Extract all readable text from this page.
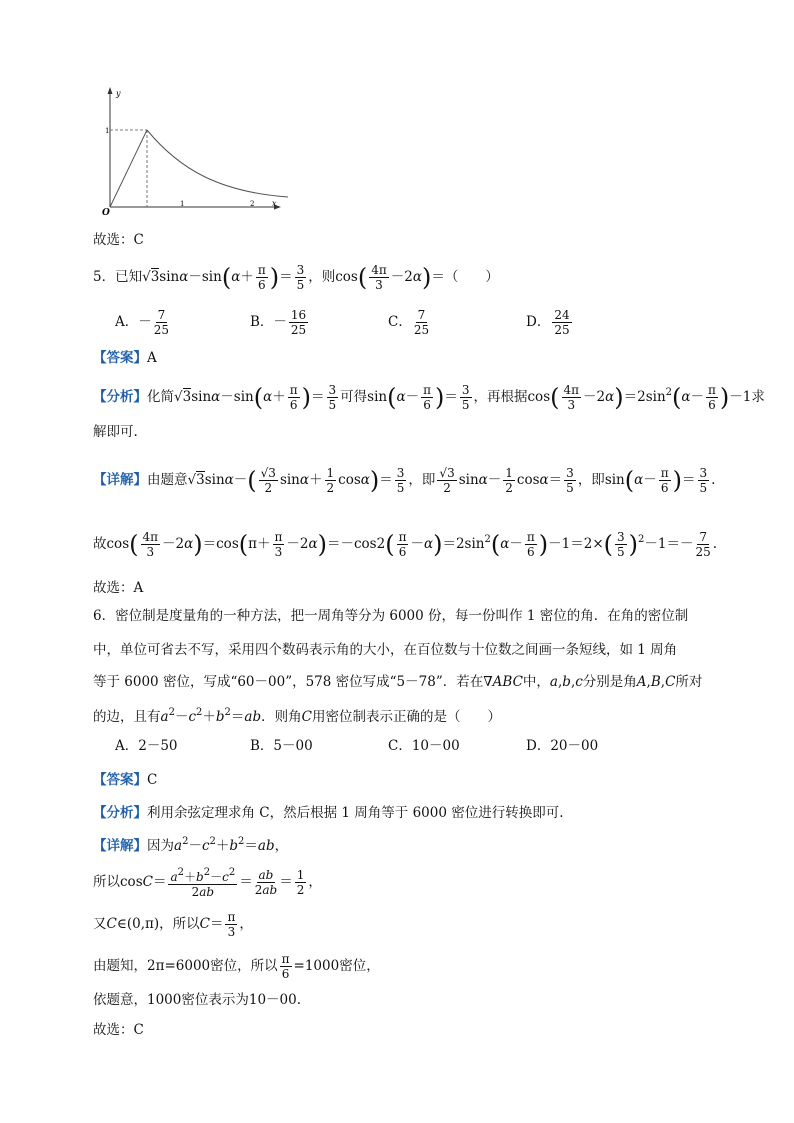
y
x
O
1
1	2
故选：C
5．已知$√3\sin\alpha-\sin(\alpha+ \frac{\pi}{6}$ )＝ $\frac{3}{5}$ ，则$\cos( \frac{4\pi}{3} -2\alpha)=$（　　）
A．－ $\frac{7}{25}$	B．－ $\frac{16}{25}$	C． $\frac{7}{25}$	D． $\frac{24}{25}$
【答案】A
【分析】化简$√3\sin\alpha-\sin(\alpha+ \frac{\pi}{6}$ )＝ $\frac{3}{5}$ 可得$\sin(\alpha- \frac{\pi}{6}$ )＝ $\frac{3}{5}$ ，再根据$\cos( \frac{4\pi}{3} -2\alpha)=2\sin^2(\alpha- \frac{\pi}{6} )-1$求
解即可.
【详解】由题意$√3\sin\alpha-( \frac{√3}{2} \sin\alpha+ \frac{1}{2} \cos\alpha)= \frac{3}{5}$ ，即 $\frac{√3}{2} \sin\alpha- \frac{1}{2} \cos\alpha= \frac{3}{5}$ ，即$\sin(\alpha- \frac{\pi}{6}$ )＝ $\frac{3}{5}$ .
故$\cos( \frac{4\pi}{3} -2\alpha)=\cos(\pi+ \frac{\pi}{3} -2\alpha)=-\cos 2( \frac{\pi}{6} -\alpha)=2\sin^2(\alpha- \frac{\pi}{6} )-1=2\times( \frac{3}{5} )^2-1=- \frac{7}{25}$ .
故选：A
6．密位制是度量角的一种方法，把一周角等分为 6000 份，每一份叫作 1 密位的角．在角的密位制
中，单位可省去不写，采用四个数码表示角的大小，在百位数与十位数之间画一条短线，如 1 周角
等于 6000 密位，写成“60－00”，578 密位写成“5－78”．若在∇ABC中，a,b,c分别是角A,B,C所对
的边，且有$a^2-c^2+b^2=ab$．则角C用密位制表示正确的是（　　）
A．2－50	B．5－00	C．10－00	D．20－00
【答案】C
【分析】利用余弦定理求角 C，然后根据 1 周角等于 6000 密位进行转换即可.
【详解】因为$a^2-c^2+b^2=ab$，
所以$\cos C= \frac{a^2+b^2-c^2}{2ab} = \frac{ab}{2ab} = \frac{1}{2}$ ，
又C∈(0,π)，所以$C= \frac{\pi}{3}$ ，
由题知，2π=6000密位，所以 $\frac{\pi}{6} =1000$密位，
依题意，1000密位表示为10－00.
故选：C
